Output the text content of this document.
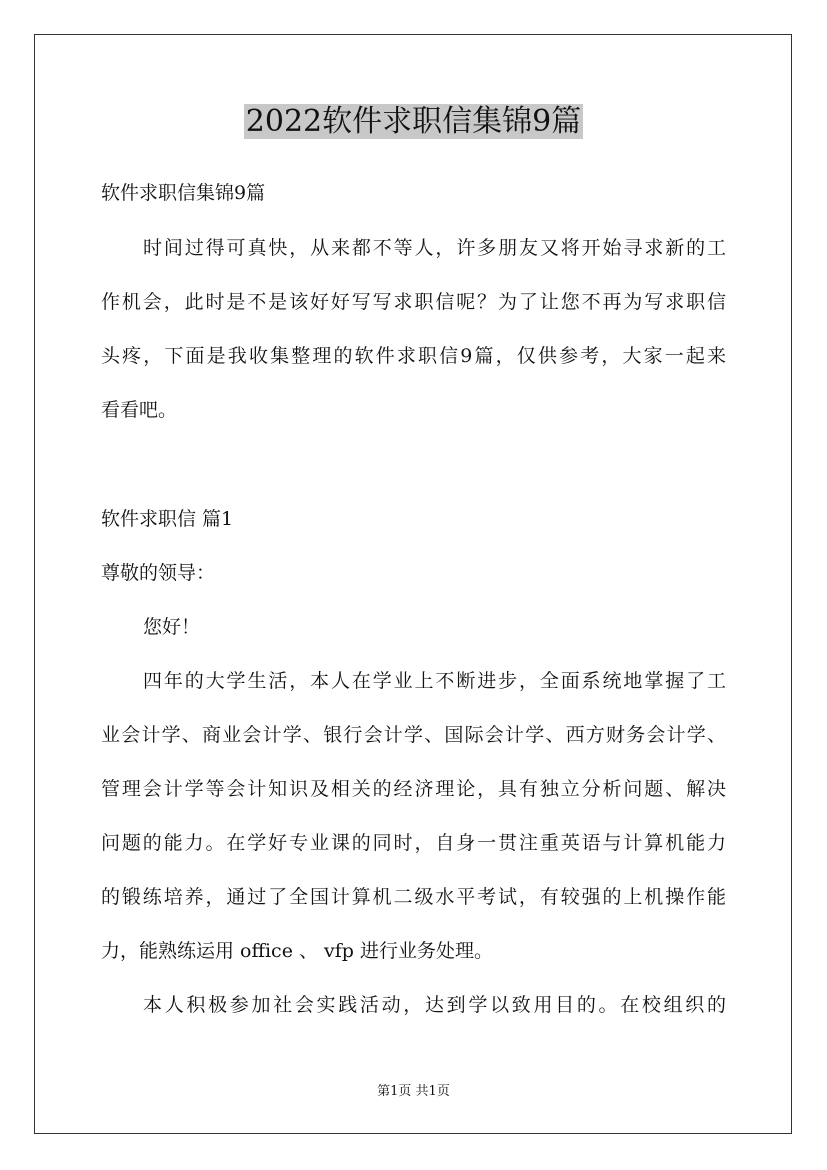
2022软件求职信集锦9篇

软件求职信集锦9篇

时间过得可真快，从来都不等人，许多朋友又将开始寻求新的工

作机会，此时是不是该好好写写求职信呢？为了让您不再为写求职信

头疼，下面是我收集整理的软件求职信9篇，仅供参考，大家一起来

看看吧。

软件求职信 篇1

尊敬的领导：

您好！

四年的大学生活，本人在学业上不断进步，全面系统地掌握了工

业会计学、商业会计学、银行会计学、国际会计学、西方财务会计学、

管理会计学等会计知识及相关的经济理论，具有独立分析问题、解决

问题的能力。在学好专业课的同时，自身一贯注重英语与计算机能力

的锻练培养，通过了全国计算机二级水平考试，有较强的上机操作能

力，能熟练运用 office 、 vfp 进行业务处理。

本人积极参加社会实践活动，达到学以致用目的。在校组织的

第1页 共1页
